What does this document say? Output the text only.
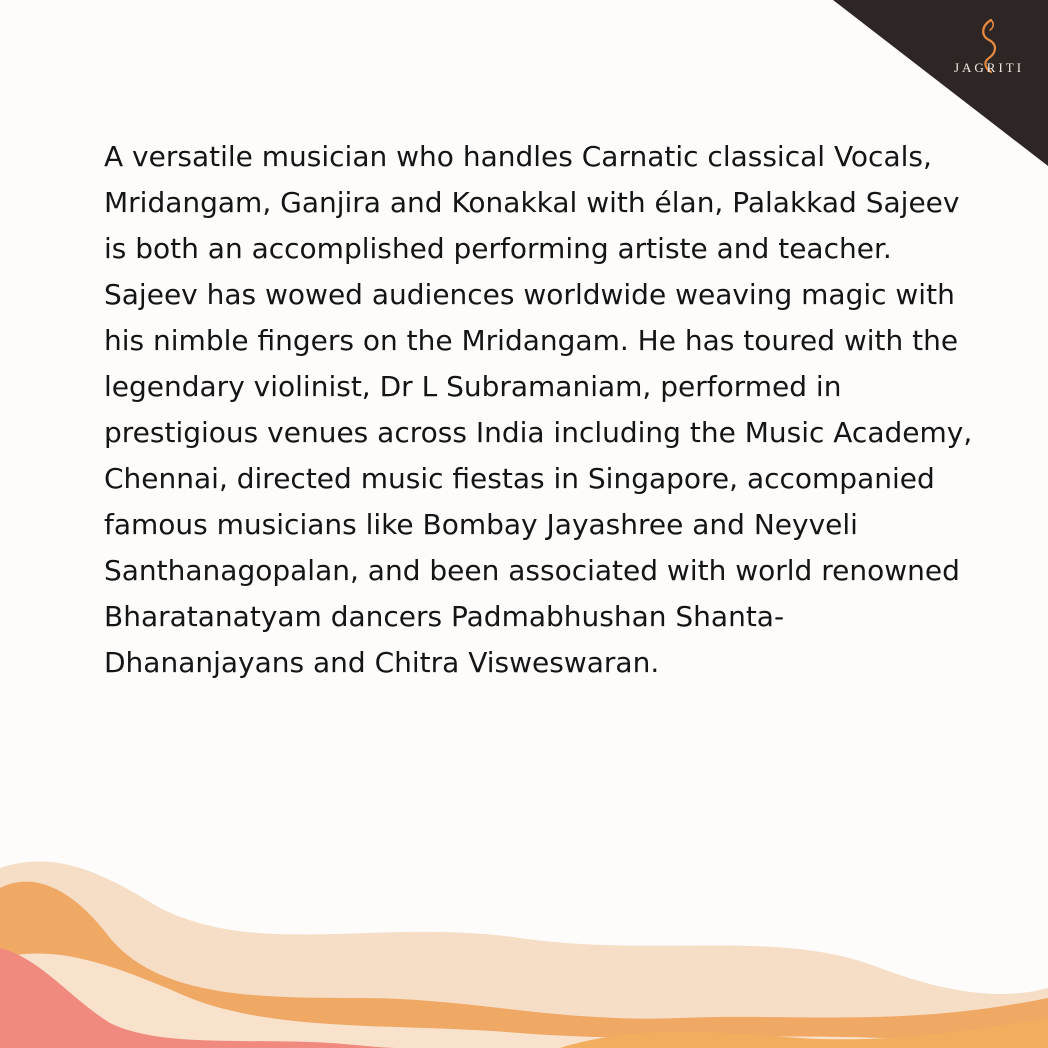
JAGRITI

A versatile musician who handles Carnatic classical Vocals, Mridangam, Ganjira and Konakkal with élan, Palakkad Sajeev is both an accomplished performing artiste and teacher. Sajeev has wowed audiences worldwide weaving magic with his nimble fingers on the Mridangam. He has toured with the legendary violinist, Dr L Subramaniam, performed in prestigious venues across India including the Music Academy, Chennai, directed music fiestas in Singapore, accompanied famous musicians like Bombay Jayashree and Neyveli Santhanagopalan, and been associated with world renowned Bharatanatyam dancers Padmabhushan Shanta-Dhananjayans and Chitra Visweswaran.
